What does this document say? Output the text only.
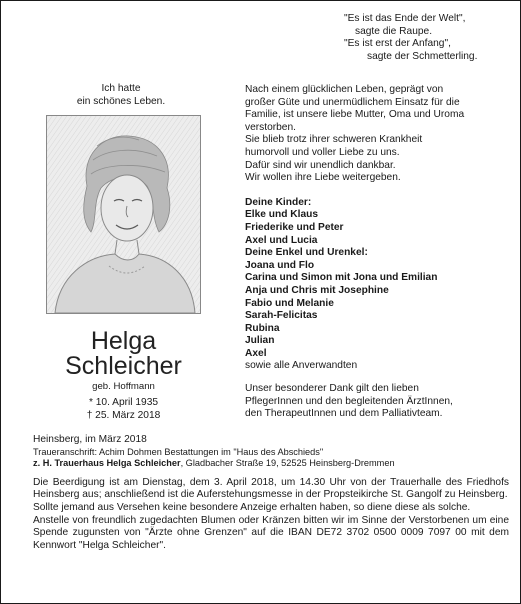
"Es ist das Ende der Welt",
sagte die Raupe.
"Es ist erst der Anfang",
sagte der Schmetterling.
Ich hatte
ein schönes Leben.
Helga
Schleicher
geb. Hoffmann
* 10. April 1935
† 25. März 2018
Nach einem glücklichen Leben, geprägt von
großer Güte und unermüdlichem Einsatz für die
Familie, ist unsere liebe Mutter, Oma und Uroma
verstorben.
Sie blieb trotz ihrer schweren Krankheit
humorvoll und voller Liebe zu uns.
Dafür sind wir unendlich dankbar.
Wir wollen ihre Liebe weitergeben.
Deine Kinder:
Elke und Klaus
Friederike und Peter
Axel und Lucia
Deine Enkel und Urenkel:
Joana und Flo
Carina und Simon mit Jona und Emilian
Anja und Chris mit Josephine
Fabio und Melanie
Sarah-Felicitas
Rubina
Julian
Axel
sowie alle Anverwandten
Unser besonderer Dank gilt den lieben
PflegerInnen und den begleitenden ÄrztInnen,
den TherapeutInnen und dem Palliativteam.
Heinsberg, im März 2018
Traueranschrift: Achim Dohmen Bestattungen im "Haus des Abschieds"
z. H. Trauerhaus Helga Schleicher, Gladbacher Straße 19, 52525 Heinsberg-Dremmen
Die Beerdigung ist am Dienstag, dem 3. April 2018, um 14.30 Uhr von der Trauerhalle des Friedhofs Heinsberg aus; anschließend ist die Auferstehungsmesse in der Propsteikirche St. Gangolf zu Heinsberg.
Sollte jemand aus Versehen keine besondere Anzeige erhalten haben, so diene diese als solche.
Anstelle von freundlich zugedachten Blumen oder Kränzen bitten wir im Sinne der Verstorbenen um eine Spende zugunsten von "Ärzte ohne Grenzen" auf die IBAN DE72 3702 0500 0009 7097 00 mit dem Kennwort "Helga Schleicher".
